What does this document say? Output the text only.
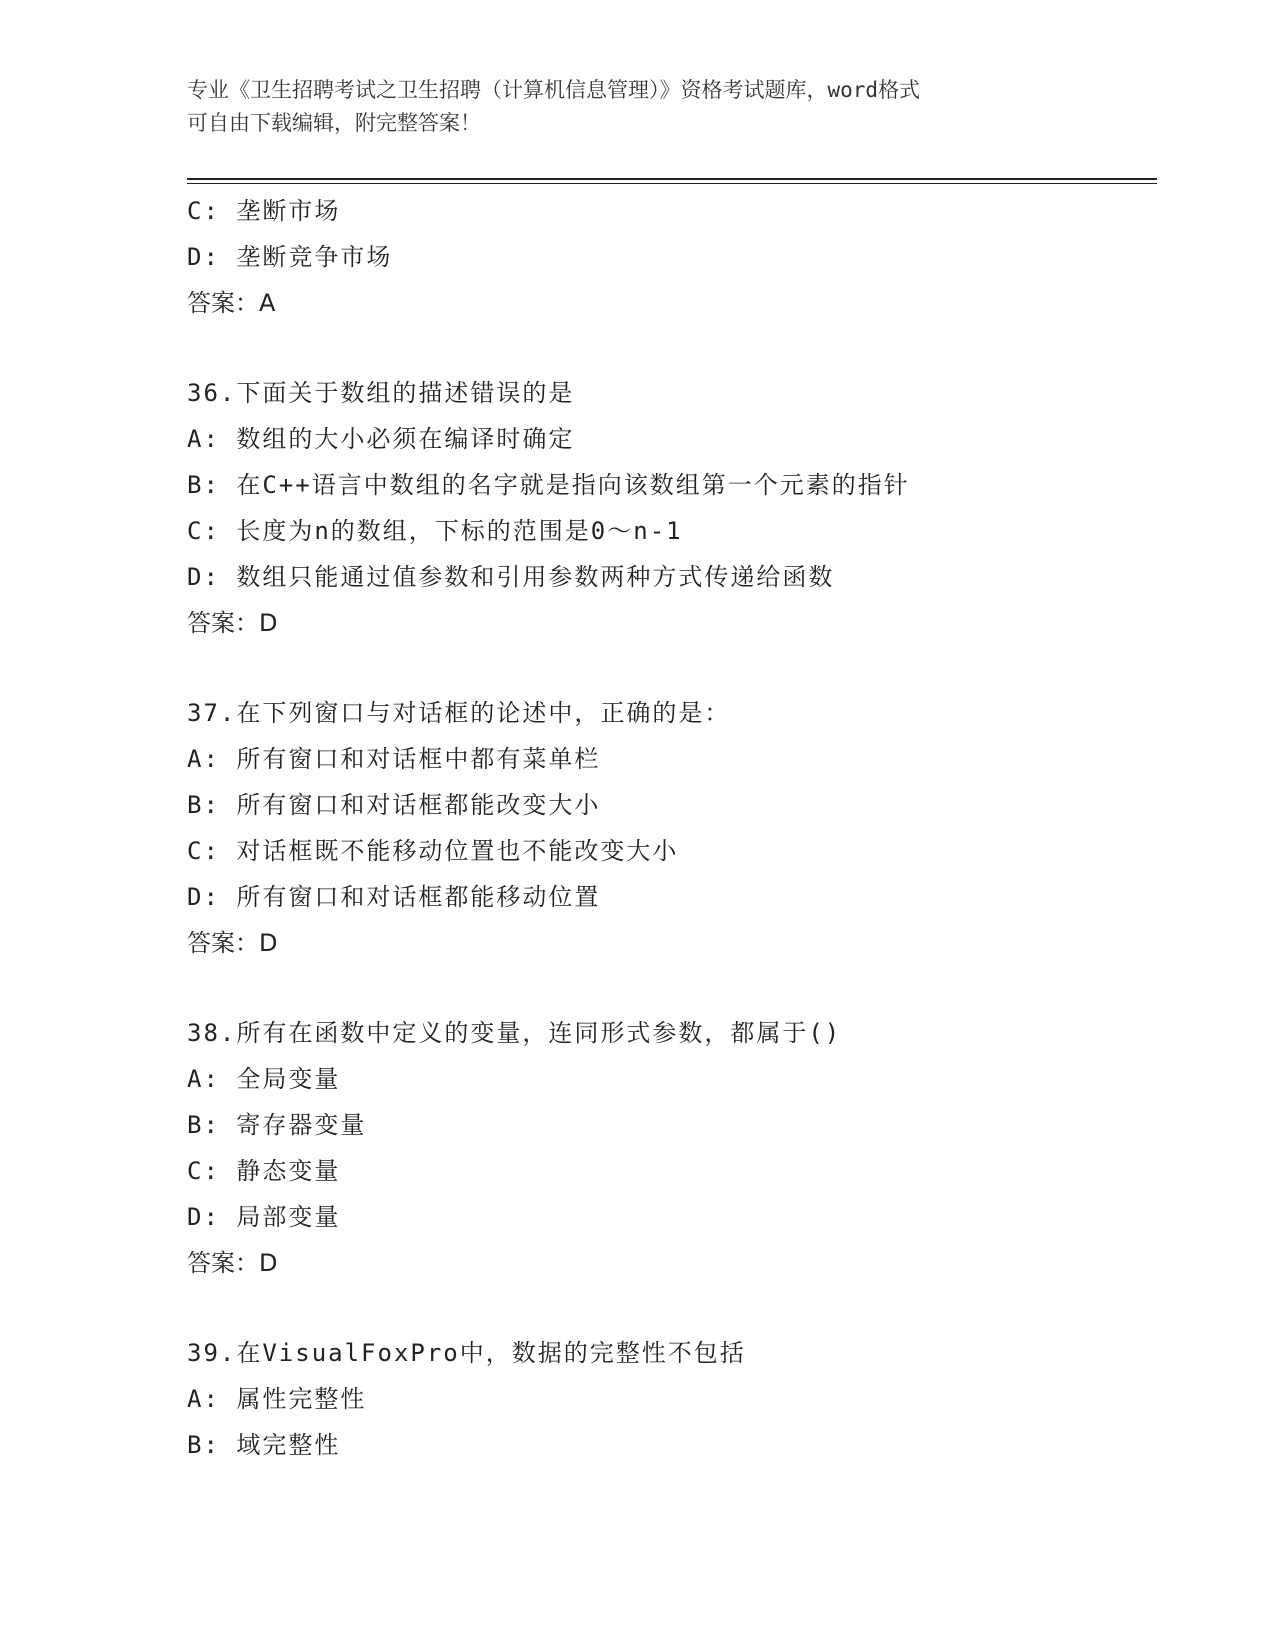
专业《卫生招聘考试之卫生招聘（计算机信息管理）》资格考试题库，word格式
可自由下载编辑，附完整答案！
C: 垄断市场
D: 垄断竞争市场
答案：A
36.下面关于数组的描述错误的是
A: 数组的大小必须在编译时确定
B: 在C++语言中数组的名字就是指向该数组第一个元素的指针
C: 长度为n的数组，下标的范围是0～n-1
D: 数组只能通过值参数和引用参数两种方式传递给函数
答案：D
37.在下列窗口与对话框的论述中，正确的是：
A: 所有窗口和对话框中都有菜单栏
B: 所有窗口和对话框都能改变大小
C: 对话框既不能移动位置也不能改变大小
D: 所有窗口和对话框都能移动位置
答案：D
38.所有在函数中定义的变量，连同形式参数，都属于()
A: 全局变量
B: 寄存器变量
C: 静态变量
D: 局部变量
答案：D
39.在VisualFoxPro中，数据的完整性不包括
A: 属性完整性
B: 域完整性
